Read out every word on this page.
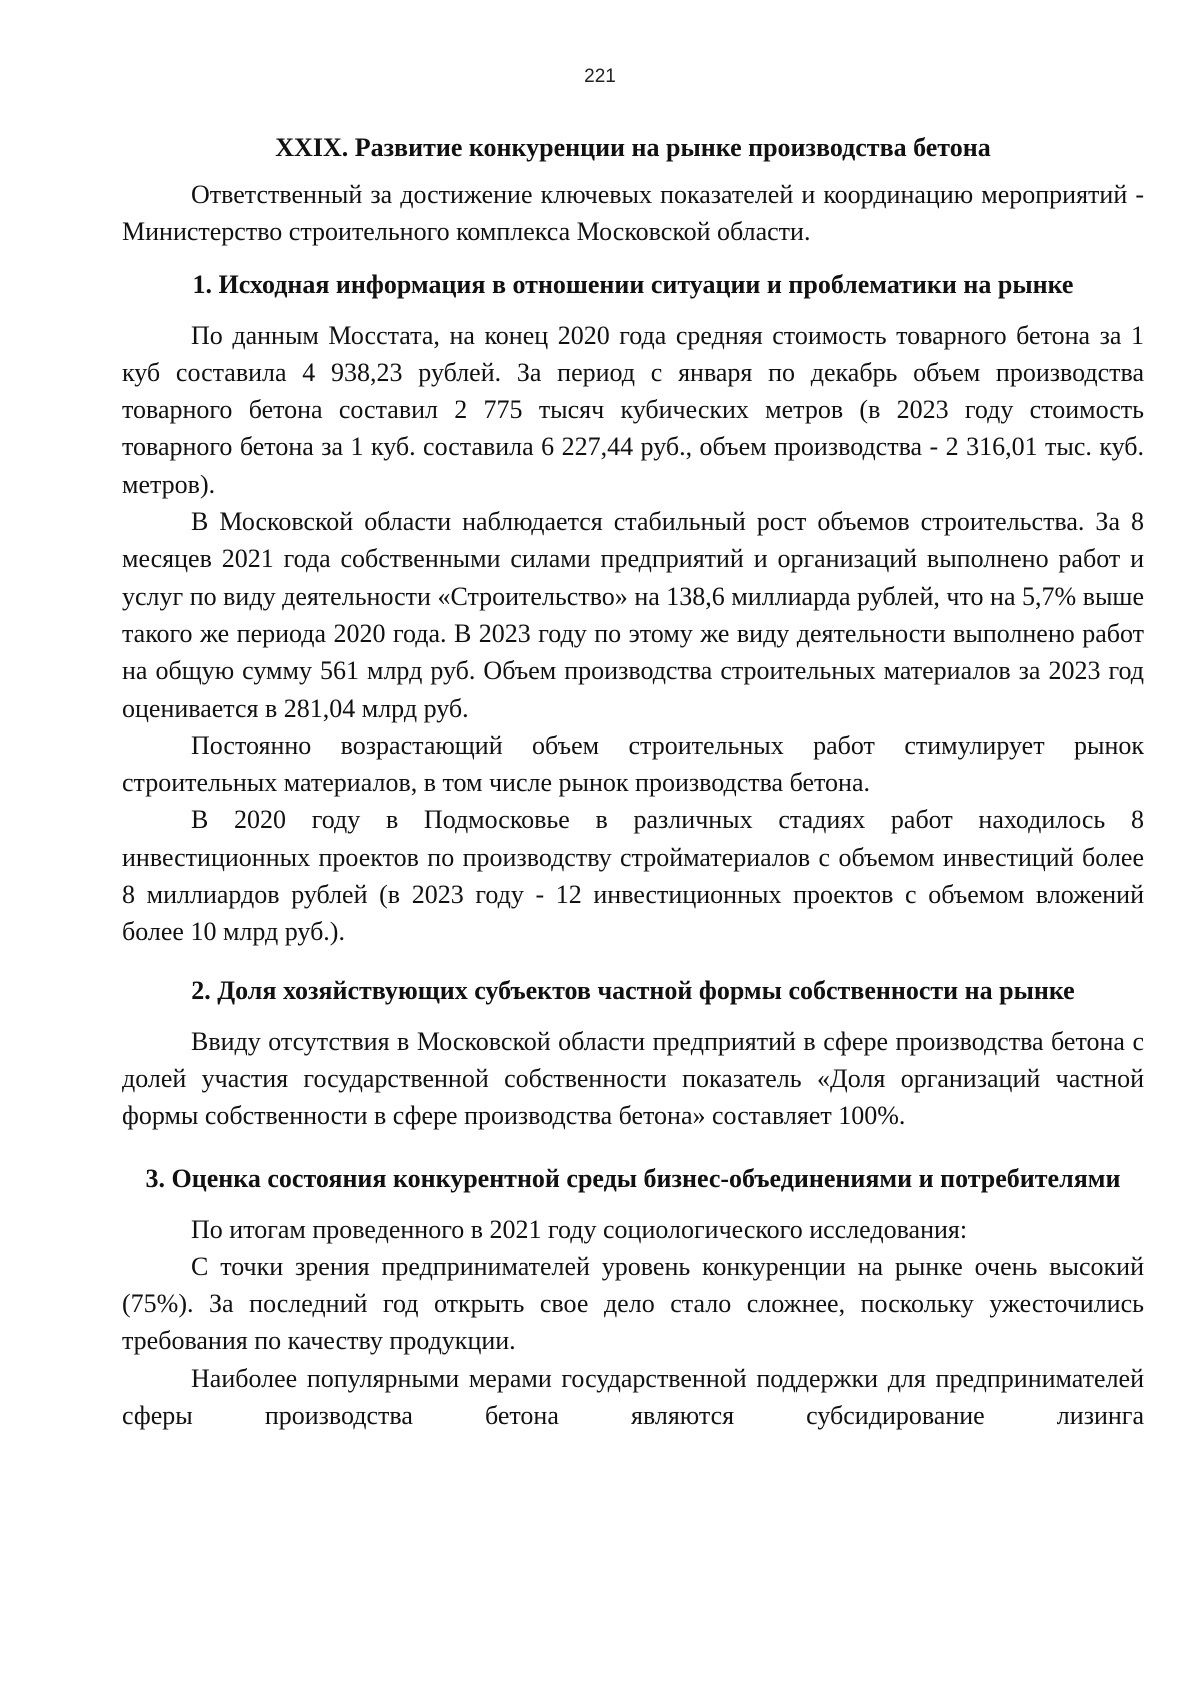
221
XXIX. Развитие конкуренции на рынке производства бетона

Ответственный за достижение ключевых показателей и координацию мероприятий - Министерство строительного комплекса Московской области.

1. Исходная информация в отношении ситуации и проблематики на рынке

По данным Мосстата, на конец 2020 года средняя стоимость товарного бетона за 1 куб составила 4 938,23 рублей. За период с января по декабрь объем производства товарного бетона составил 2 775 тысяч кубических метров (в 2023 году стоимость товарного бетона за 1 куб. составила 6 227,44 руб., объем производства - 2 316,01 тыс. куб. метров).

В Московской области наблюдается стабильный рост объемов строительства. За 8 месяцев 2021 года собственными силами предприятий и организаций выполнено работ и услуг по виду деятельности «Строительство» на 138,6 миллиарда рублей, что на 5,7% выше такого же периода 2020 года. В 2023 году по этому же виду деятельности выполнено работ на общую сумму 561 млрд руб. Объем производства строительных материалов за 2023 год оценивается в 281,04 млрд руб.

Постоянно возрастающий объем строительных работ стимулирует рынок строительных материалов, в том числе рынок производства бетона.

В 2020 году в Подмосковье в различных стадиях работ находилось 8 инвестиционных проектов по производству стройматериалов с объемом инвестиций более 8 миллиардов рублей (в 2023 году - 12 инвестиционных проектов с объемом вложений более 10 млрд руб.).

2. Доля хозяйствующих субъектов частной формы собственности на рынке

Ввиду отсутствия в Московской области предприятий в сфере производства бетона с долей участия государственной собственности показатель «Доля организаций частной формы собственности в сфере производства бетона» составляет 100%.

3. Оценка состояния конкурентной среды бизнес-объединениями и потребителями

По итогам проведенного в 2021 году социологического исследования:

С точки зрения предпринимателей уровень конкуренции на рынке очень высокий (75%). За последний год открыть свое дело стало сложнее, поскольку ужесточились требования по качеству продукции.

Наиболее популярными мерами государственной поддержки для предпринимателей сферы производства бетона являются субсидирование лизинга
